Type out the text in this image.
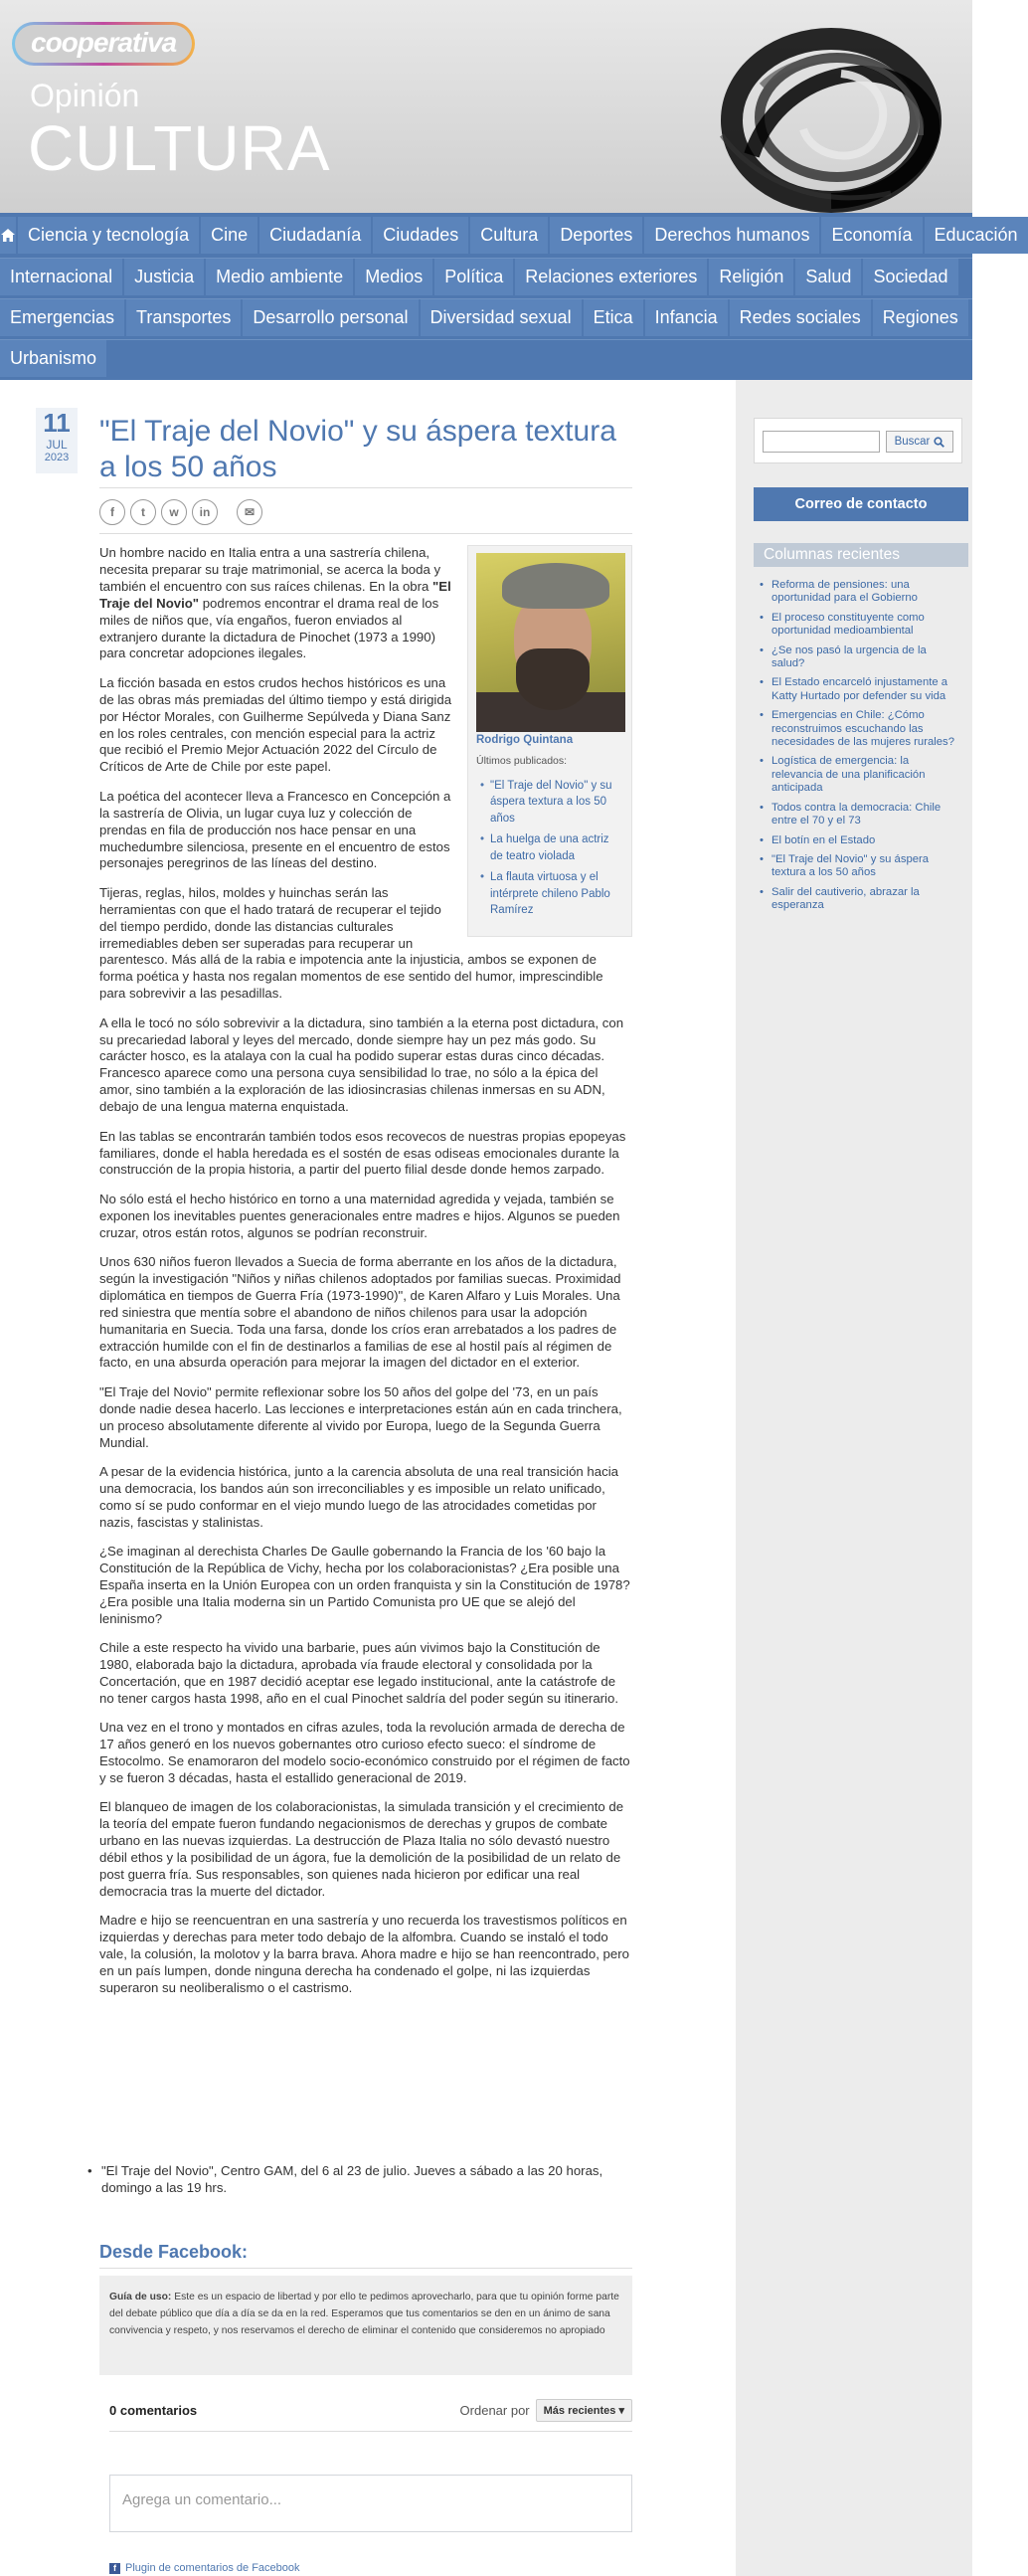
cooperativa
Opinión
CULTURA
Ciencia y tecnología	Cine	Ciudadanía	Ciudades	Cultura	Deportes	Derechos humanos	Economía	Educación
Internacional	Justicia	Medio ambiente	Medios	Política	Relaciones exteriores	Religión	Salud	Sociedad
Emergencias	Transportes	Desarrollo personal	Diversidad sexual	Etica	Infancia	Redes sociales	Regiones
Urbanismo
11
JUL
2023
"El Traje del Novio" y su áspera textura a los 50 años
f	t	w	in	✉
Rodrigo Quintana
Últimos publicados:
• "El Traje del Novio" y su áspera textura a los 50 años
• La huelga de una actriz de teatro violada
• La flauta virtuosa y el intérprete chileno Pablo Ramírez

Un hombre nacido en Italia entra a una sastrería chilena, necesita preparar su traje matrimonial, se acerca la boda y también el encuentro con sus raíces chilenas. En la obra "El Traje del Novio" podremos encontrar el drama real de los miles de niños que, vía engaños, fueron enviados al extranjero durante la dictadura de Pinochet (1973 a 1990) para concretar adopciones ilegales.

La ficción basada en estos crudos hechos históricos es una de las obras más premiadas del último tiempo y está dirigida por Héctor Morales, con Guilherme Sepúlveda y Diana Sanz en los roles centrales, con mención especial para la actriz que recibió el Premio Mejor Actuación 2022 del Círculo de Críticos de Arte de Chile por este papel.

La poética del acontecer lleva a Francesco en Concepción a la sastrería de Olivia, un lugar cuya luz y colección de prendas en fila de producción nos hace pensar en una muchedumbre silenciosa, presente en el encuentro de estos personajes peregrinos de las líneas del destino.

Tijeras, reglas, hilos, moldes y huinchas serán las herramientas con que el hado tratará de recuperar el tejido del tiempo perdido, donde las distancias culturales irremediables deben ser superadas para recuperar un parentesco. Más allá de la rabia e impotencia ante la injusticia, ambos se exponen de forma poética y hasta nos regalan momentos de ese sentido del humor, imprescindible para sobrevivir a las pesadillas.

A ella le tocó no sólo sobrevivir a la dictadura, sino también a la eterna post dictadura, con su precariedad laboral y leyes del mercado, donde siempre hay un pez más godo. Su carácter hosco, es la atalaya con la cual ha podido superar estas duras cinco décadas. Francesco aparece como una persona cuya sensibilidad lo trae, no sólo a la épica del amor, sino también a la exploración de las idiosincrasias chilenas inmersas en su ADN, debajo de una lengua materna enquistada.

En las tablas se encontrarán también todos esos recovecos de nuestras propias epopeyas familiares, donde el habla heredada es el sostén de esas odiseas emocionales durante la construcción de la propia historia, a partir del puerto filial desde donde hemos zarpado.

No sólo está el hecho histórico en torno a una maternidad agredida y vejada, también se exponen los inevitables puentes generacionales entre madres e hijos. Algunos se pueden cruzar, otros están rotos, algunos se podrían reconstruir.

Unos 630 niños fueron llevados a Suecia de forma aberrante en los años de la dictadura, según la investigación "Niños y niñas chilenos adoptados por familias suecas. Proximidad diplomática en tiempos de Guerra Fría (1973-1990)", de Karen Alfaro y Luis Morales. Una red siniestra que mentía sobre el abandono de niños chilenos para usar la adopción humanitaria en Suecia. Toda una farsa, donde los críos eran arrebatados a los padres de extracción humilde con el fin de destinarlos a familias de ese al hostil país al régimen de facto, en una absurda operación para mejorar la imagen del dictador en el exterior.

"El Traje del Novio" permite reflexionar sobre los 50 años del golpe del '73, en un país donde nadie desea hacerlo. Las lecciones e interpretaciones están aún en cada trinchera, un proceso absolutamente diferente al vivido por Europa, luego de la Segunda Guerra Mundial.

A pesar de la evidencia histórica, junto a la carencia absoluta de una real transición hacia una democracia, los bandos aún son irreconciliables y es imposible un relato unificado, como sí se pudo conformar en el viejo mundo luego de las atrocidades cometidas por nazis, fascistas y stalinistas.

¿Se imaginan al derechista Charles De Gaulle gobernando la Francia de los '60 bajo la Constitución de la República de Vichy, hecha por los colaboracionistas? ¿Era posible una España inserta en la Unión Europea con un orden franquista y sin la Constitución de 1978? ¿Era posible una Italia moderna sin un Partido Comunista pro UE que se alejó del leninismo?

Chile a este respecto ha vivido una barbarie, pues aún vivimos bajo la Constitución de 1980, elaborada bajo la dictadura, aprobada vía fraude electoral y consolidada por la Concertación, que en 1987 decidió aceptar ese legado institucional, ante la catástrofe de no tener cargos hasta 1998, año en el cual Pinochet saldría del poder según su itinerario.

Una vez en el trono y montados en cifras azules, toda la revolución armada de derecha de 17 años generó en los nuevos gobernantes otro curioso efecto sueco: el síndrome de Estocolmo. Se enamoraron del modelo socio-económico construido por el régimen de facto y se fueron 3 décadas, hasta el estallido generacional de 2019.

El blanqueo de imagen de los colaboracionistas, la simulada transición y el crecimiento de la teoría del empate fueron fundando negacionismos de derechas y grupos de combate urbano en las nuevas izquierdas. La destrucción de Plaza Italia no sólo devastó nuestro débil ethos y la posibilidad de un ágora, fue la demolición de la posibilidad de un relato de post guerra fría. Sus responsables, son quienes nada hicieron por edificar una real democracia tras la muerte del dictador.

Madre e hijo se reencuentran en una sastrería y uno recuerda los travestismos políticos en izquierdas y derechas para meter todo debajo de la alfombra. Cuando se instaló el todo vale, la colusión, la molotov y la barra brava. Ahora madre e hijo se han reencontrado, pero en un país lumpen, donde ninguna derecha ha condenado el golpe, ni las izquierdas superaron su neoliberalismo o el castrismo.

• "El Traje del Novio", Centro GAM, del 6 al 23 de julio. Jueves a sábado a las 20 horas, domingo a las 19 hrs.
Desde Facebook:
Guía de uso: Este es un espacio de libertad y por ello te pedimos aprovecharlo, para que tu opinión forme parte del debate público que día a día se da en la red. Esperamos que tus comentarios se den en un ánimo de sana convivencia y respeto, y nos reservamos el derecho de eliminar el contenido que consideremos no apropiado
0 comentarios	Ordenar por	Más recientes ▾
Agrega un comentario...
f Plugin de comentarios de Facebook
Buscar
Correo de contacto
Columnas recientes
• Reforma de pensiones: una oportunidad para el Gobierno
• El proceso constituyente como oportunidad medioambiental
• ¿Se nos pasó la urgencia de la salud?
• El Estado encarceló injustamente a Katty Hurtado por defender su vida
• Emergencias en Chile: ¿Cómo reconstruimos escuchando las necesidades de las mujeres rurales?
• Logística de emergencia: la relevancia de una planificación anticipada
• Todos contra la democracia: Chile entre el 70 y el 73
• El botín en el Estado
• "El Traje del Novio" y su áspera textura a los 50 años
• Salir del cautiverio, abrazar la esperanza
